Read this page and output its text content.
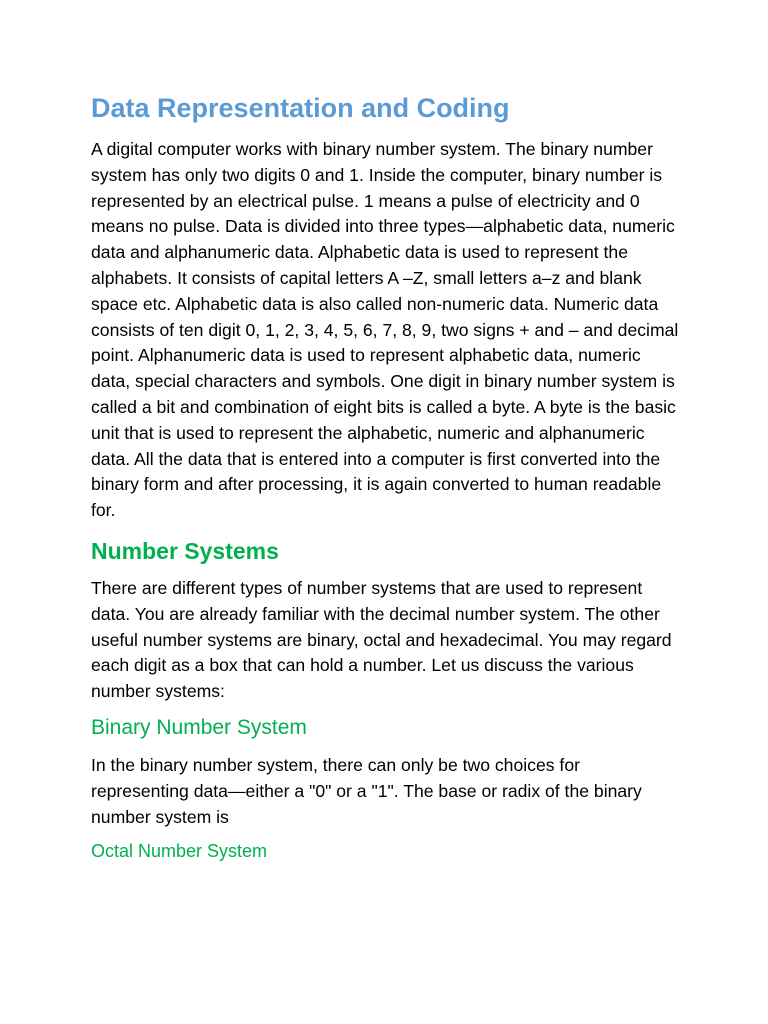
Data Representation and Coding

A digital computer works with binary number system. The binary number system has only two digits 0 and 1. Inside the computer, binary number is represented by an electrical pulse. 1 means a pulse of electricity and 0 means no pulse. Data is divided into three types—alphabetic data, numeric data and alphanumeric data. Alphabetic data is used to represent the alphabets. It consists of capital letters A –Z, small letters a–z and blank space etc. Alphabetic data is also called non-numeric data. Numeric data consists of ten digit 0, 1, 2, 3, 4, 5, 6, 7, 8, 9, two signs + and – and decimal point. Alphanumeric data is used to represent alphabetic data, numeric data, special characters and symbols. One digit in binary number system is called a bit and combination of eight bits is called a byte. A byte is the basic unit that is used to represent the alphabetic, numeric and alphanumeric data. All the data that is entered into a computer is first converted into the binary form and after processing, it is again converted to human readable for.

Number Systems

There are different types of number systems that are used to represent data. You are already familiar with the decimal number system. The other useful number systems are binary, octal and hexadecimal. You may regard each digit as a box that can hold a number. Let us discuss the various number systems:

Binary Number System

In the binary number system, there can only be two choices for representing data—either a "0" or a "1". The base or radix of the binary number system is

Octal Number System
